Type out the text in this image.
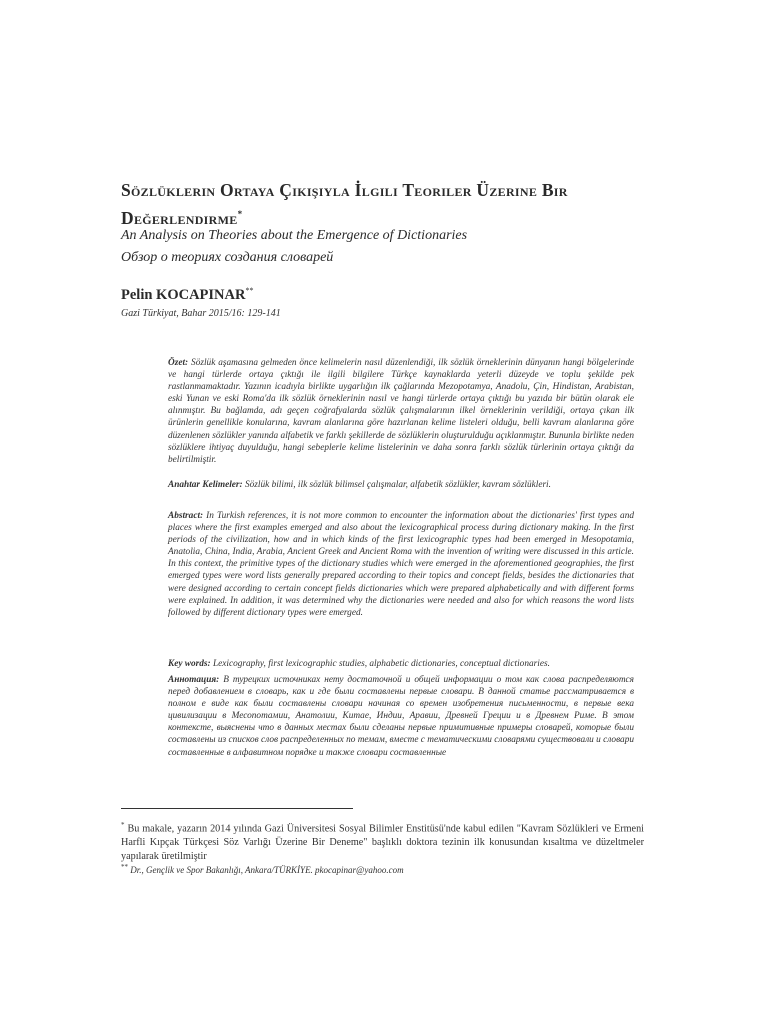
Sözlüklerin Ortaya Çıkışıyla İlgili Teoriler Üzerine Bir Değerlendirme*
An Analysis on Theories about the Emergence of Dictionaries
Обзор о теориях создания словарей
Pelin KOCAPINAR**
Gazi Türkiyat, Bahar 2015/16: 129-141
Özet: Sözlük aşamasına gelmeden önce kelimelerin nasıl düzenlendiği, ilk sözlük örneklerinin dünyanın hangi bölgelerinde ve hangi türlerde ortaya çıktığı ile ilgili bilgilere Türkçe kaynaklarda yeterli düzeyde ve toplu şekilde pek rastlanmamaktadır. Yazının icadıyla birlikte uygarlığın ilk çağlarında Mezopotamya, Anadolu, Çin, Hindistan, Arabistan, eski Yunan ve eski Roma'da ilk sözlük örneklerinin nasıl ve hangi türlerde ortaya çıktığı bu yazıda bir bütün olarak ele alınmıştır. Bu bağlamda, adı geçen coğrafyalarda sözlük çalışmalarının ilkel örneklerinin verildiği, ortaya çıkan ilk ürünlerin genellikle konularına, kavram alanlarına göre hazırlanan kelime listeleri olduğu, belli kavram alanlarına göre düzenlenen sözlükler yanında alfabetik ve farklı şekillerde de sözlüklerin oluşturulduğu açıklanmıştır. Bununla birlikte neden sözlüklere ihtiyaç duyulduğu, hangi sebeplerle kelime listelerinin ve daha sonra farklı sözlük türlerinin ortaya çıktığı da belirtilmiştir.
Anahtar Kelimeler: Sözlük bilimi, ilk sözlük bilimsel çalışmalar, alfabetik sözlükler, kavram sözlükleri.
Abstract: In Turkish references, it is not more common to encounter the information about the dictionaries' first types and places where the first examples emerged and also about the lexicographical process during dictionary making. In the first periods of the civilization, how and in which kinds of the first lexicographic types had been emerged in Mesopotamia, Anatolia, China, India, Arabia, Ancient Greek and Ancient Roma with the invention of writing were discussed in this article. In this context, the primitive types of the dictionary studies which were emerged in the aforementioned geographies, the first emerged types were word lists generally prepared according to their topics and concept fields, besides the dictionaries that were designed according to certain concept fields dictionaries which were prepared alphabetically and with different forms were explained. In addition, it was determined why the dictionaries were needed and also for which reasons the word lists followed by different dictionary types were emerged.
Key words: Lexicography, first lexicographic studies, alphabetic dictionaries, conceptual dictionaries.
Аннотация: В турецких источниках нету достаточной и общей информации о том как слова распределяются перед добавлением в словарь, как и где были составлены первые словари. В данной статье рассматривается в полном е виде как были составлены словари начиная со времен изобретения письменности, в первые века цивилизации в Месопотамии, Анатолии, Китае, Индии, Аравии, Древней Греции и в Древнем Риме. В этом контексте, выяснены что в данных местах были сделаны первые примитивные примеры словарей, которые были составлены из списков слов распределенных по темам, вместе с тематическими словарями существовали и словари составленные в алфавитном порядке и также словари составленные
* Bu makale, yazarın 2014 yılında Gazi Üniversitesi Sosyal Bilimler Enstitüsü'nde kabul edilen "Kavram Sözlükleri ve Ermeni Harfli Kıpçak Türkçesi Söz Varlığı Üzerine Bir Deneme" başlıklı doktora tezinin ilk konusundan kısaltma ve düzeltmeler yapılarak üretilmiştir
** Dr., Gençlik ve Spor Bakanlığı, Ankara/TÜRKİYE. pkocapinar@yahoo.com
